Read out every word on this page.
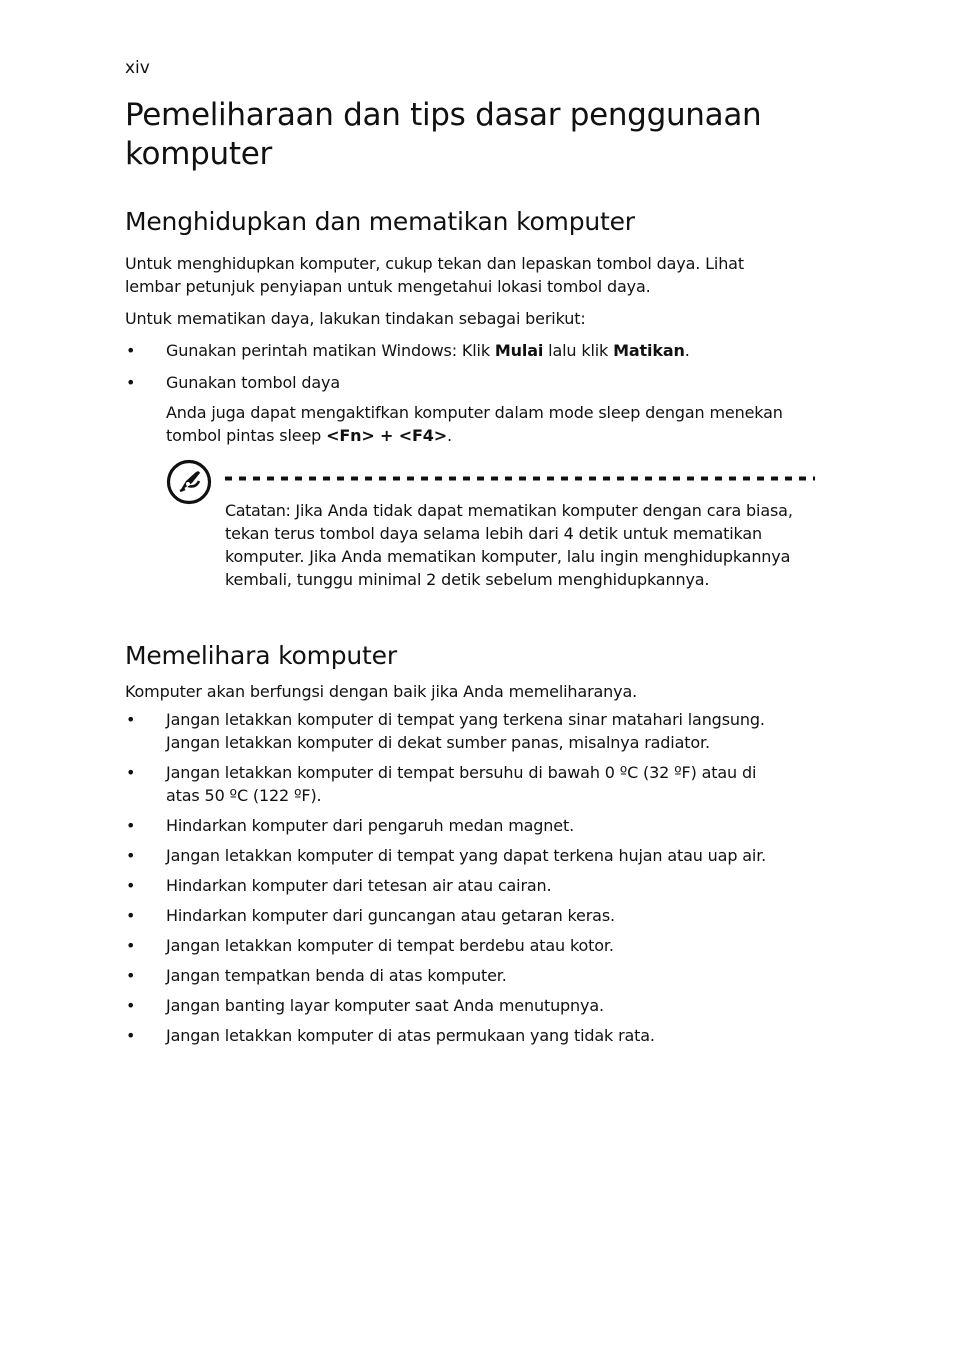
xiv
Pemeliharaan dan tips dasar penggunaan komputer
Menghidupkan dan mematikan komputer

Untuk menghidupkan komputer, cukup tekan dan lepaskan tombol daya. Lihat lembar petunjuk penyiapan untuk mengetahui lokasi tombol daya.

Untuk mematikan daya, lakukan tindakan sebagai berikut:

• Gunakan perintah matikan Windows: Klik Mulai lalu klik Matikan.
• Gunakan tombol daya

Anda juga dapat mengaktifkan komputer dalam mode sleep dengan menekan tombol pintas sleep <Fn> + <F4>.

Catatan: Jika Anda tidak dapat mematikan komputer dengan cara biasa, tekan terus tombol daya selama lebih dari 4 detik untuk mematikan komputer. Jika Anda mematikan komputer, lalu ingin menghidupkannya kembali, tunggu minimal 2 detik sebelum menghidupkannya.
Memelihara komputer

Komputer akan berfungsi dengan baik jika Anda memeliharanya.

• Jangan letakkan komputer di tempat yang terkena sinar matahari langsung. Jangan letakkan komputer di dekat sumber panas, misalnya radiator.
• Jangan letakkan komputer di tempat bersuhu di bawah 0 ºC (32 ºF) atau di atas 50 ºC (122 ºF).
• Hindarkan komputer dari pengaruh medan magnet.
• Jangan letakkan komputer di tempat yang dapat terkena hujan atau uap air.
• Hindarkan komputer dari tetesan air atau cairan.
• Hindarkan komputer dari guncangan atau getaran keras.
• Jangan letakkan komputer di tempat berdebu atau kotor.
• Jangan tempatkan benda di atas komputer.
• Jangan banting layar komputer saat Anda menutupnya.
• Jangan letakkan komputer di atas permukaan yang tidak rata.
